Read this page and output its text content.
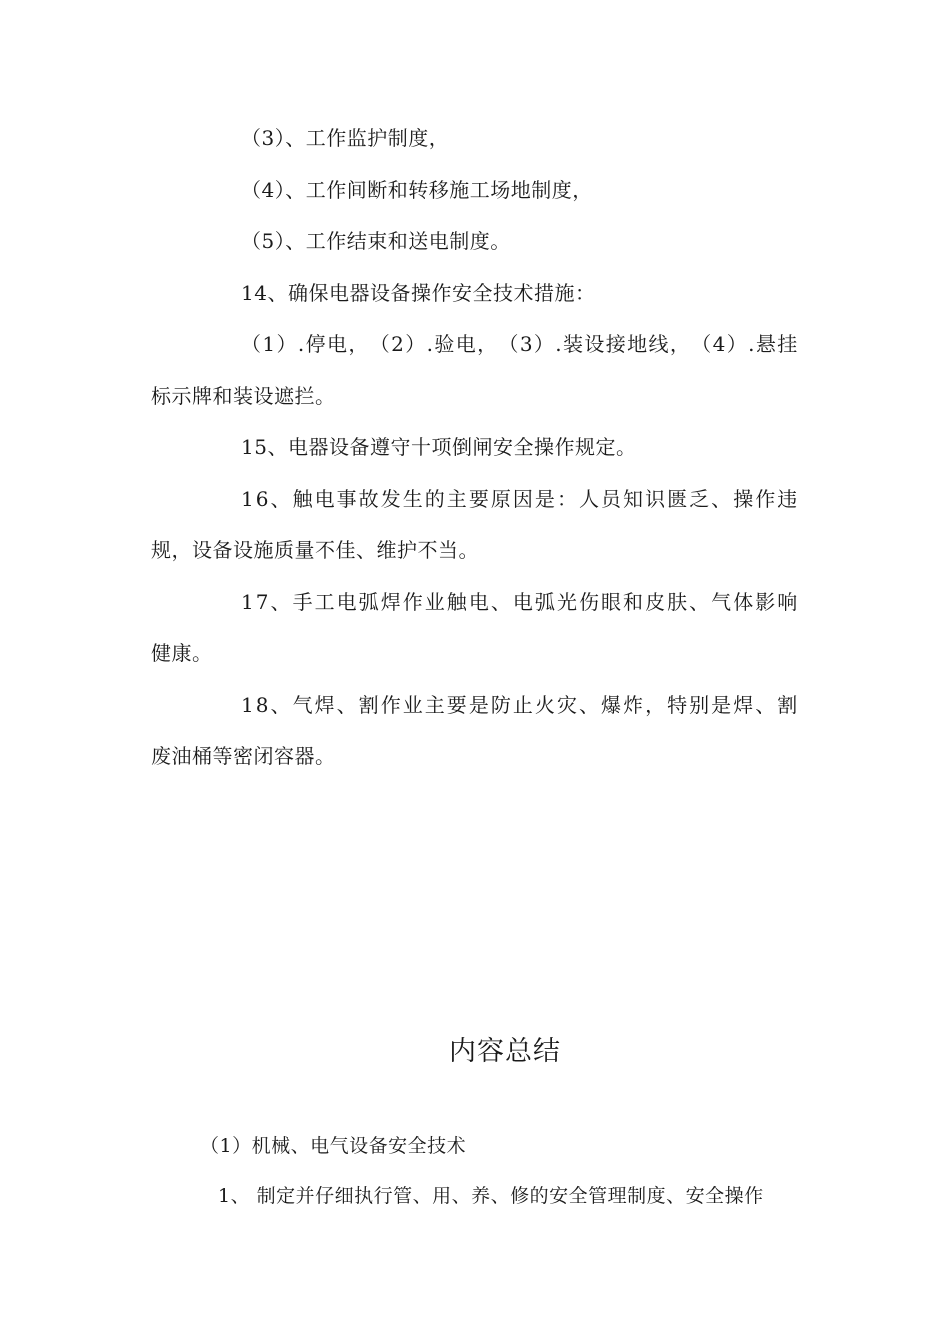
（3）、工作监护制度，
（4）、工作间断和转移施工场地制度，
（5）、工作结束和送电制度。
14、确保电器设备操作安全技术措施：
（ 1 ） . 停 电 ， （ 2 ） . 验 电 ， （ 3 ） . 装 设 接 地 线 ， （ 4 ） . 悬 挂
标示牌和装设遮拦。
15、电器设备遵守十项倒闸安全操作规定。
1 6 、 触 电 事 故 发 生 的 主 要 原 因 是 ： 人 员 知 识 匮 乏 、 操 作 违
规，设备设施质量不佳、维护不当。
1 7 、 手 工 电 弧 焊 作 业 触 电 、 电 弧 光 伤 眼 和 皮 肤 、 气 体 影 响
健康。
1 8 、 气 焊 、 割 作 业 主 要 是 防 止 火 灾 、 爆 炸 ， 特 别 是 焊 、 割
废油桶等密闭容器。
内容总结
（1）机械、电气设备安全技术
1、 制定并仔细执行管、用、养、修的安全管理制度、安全操作
